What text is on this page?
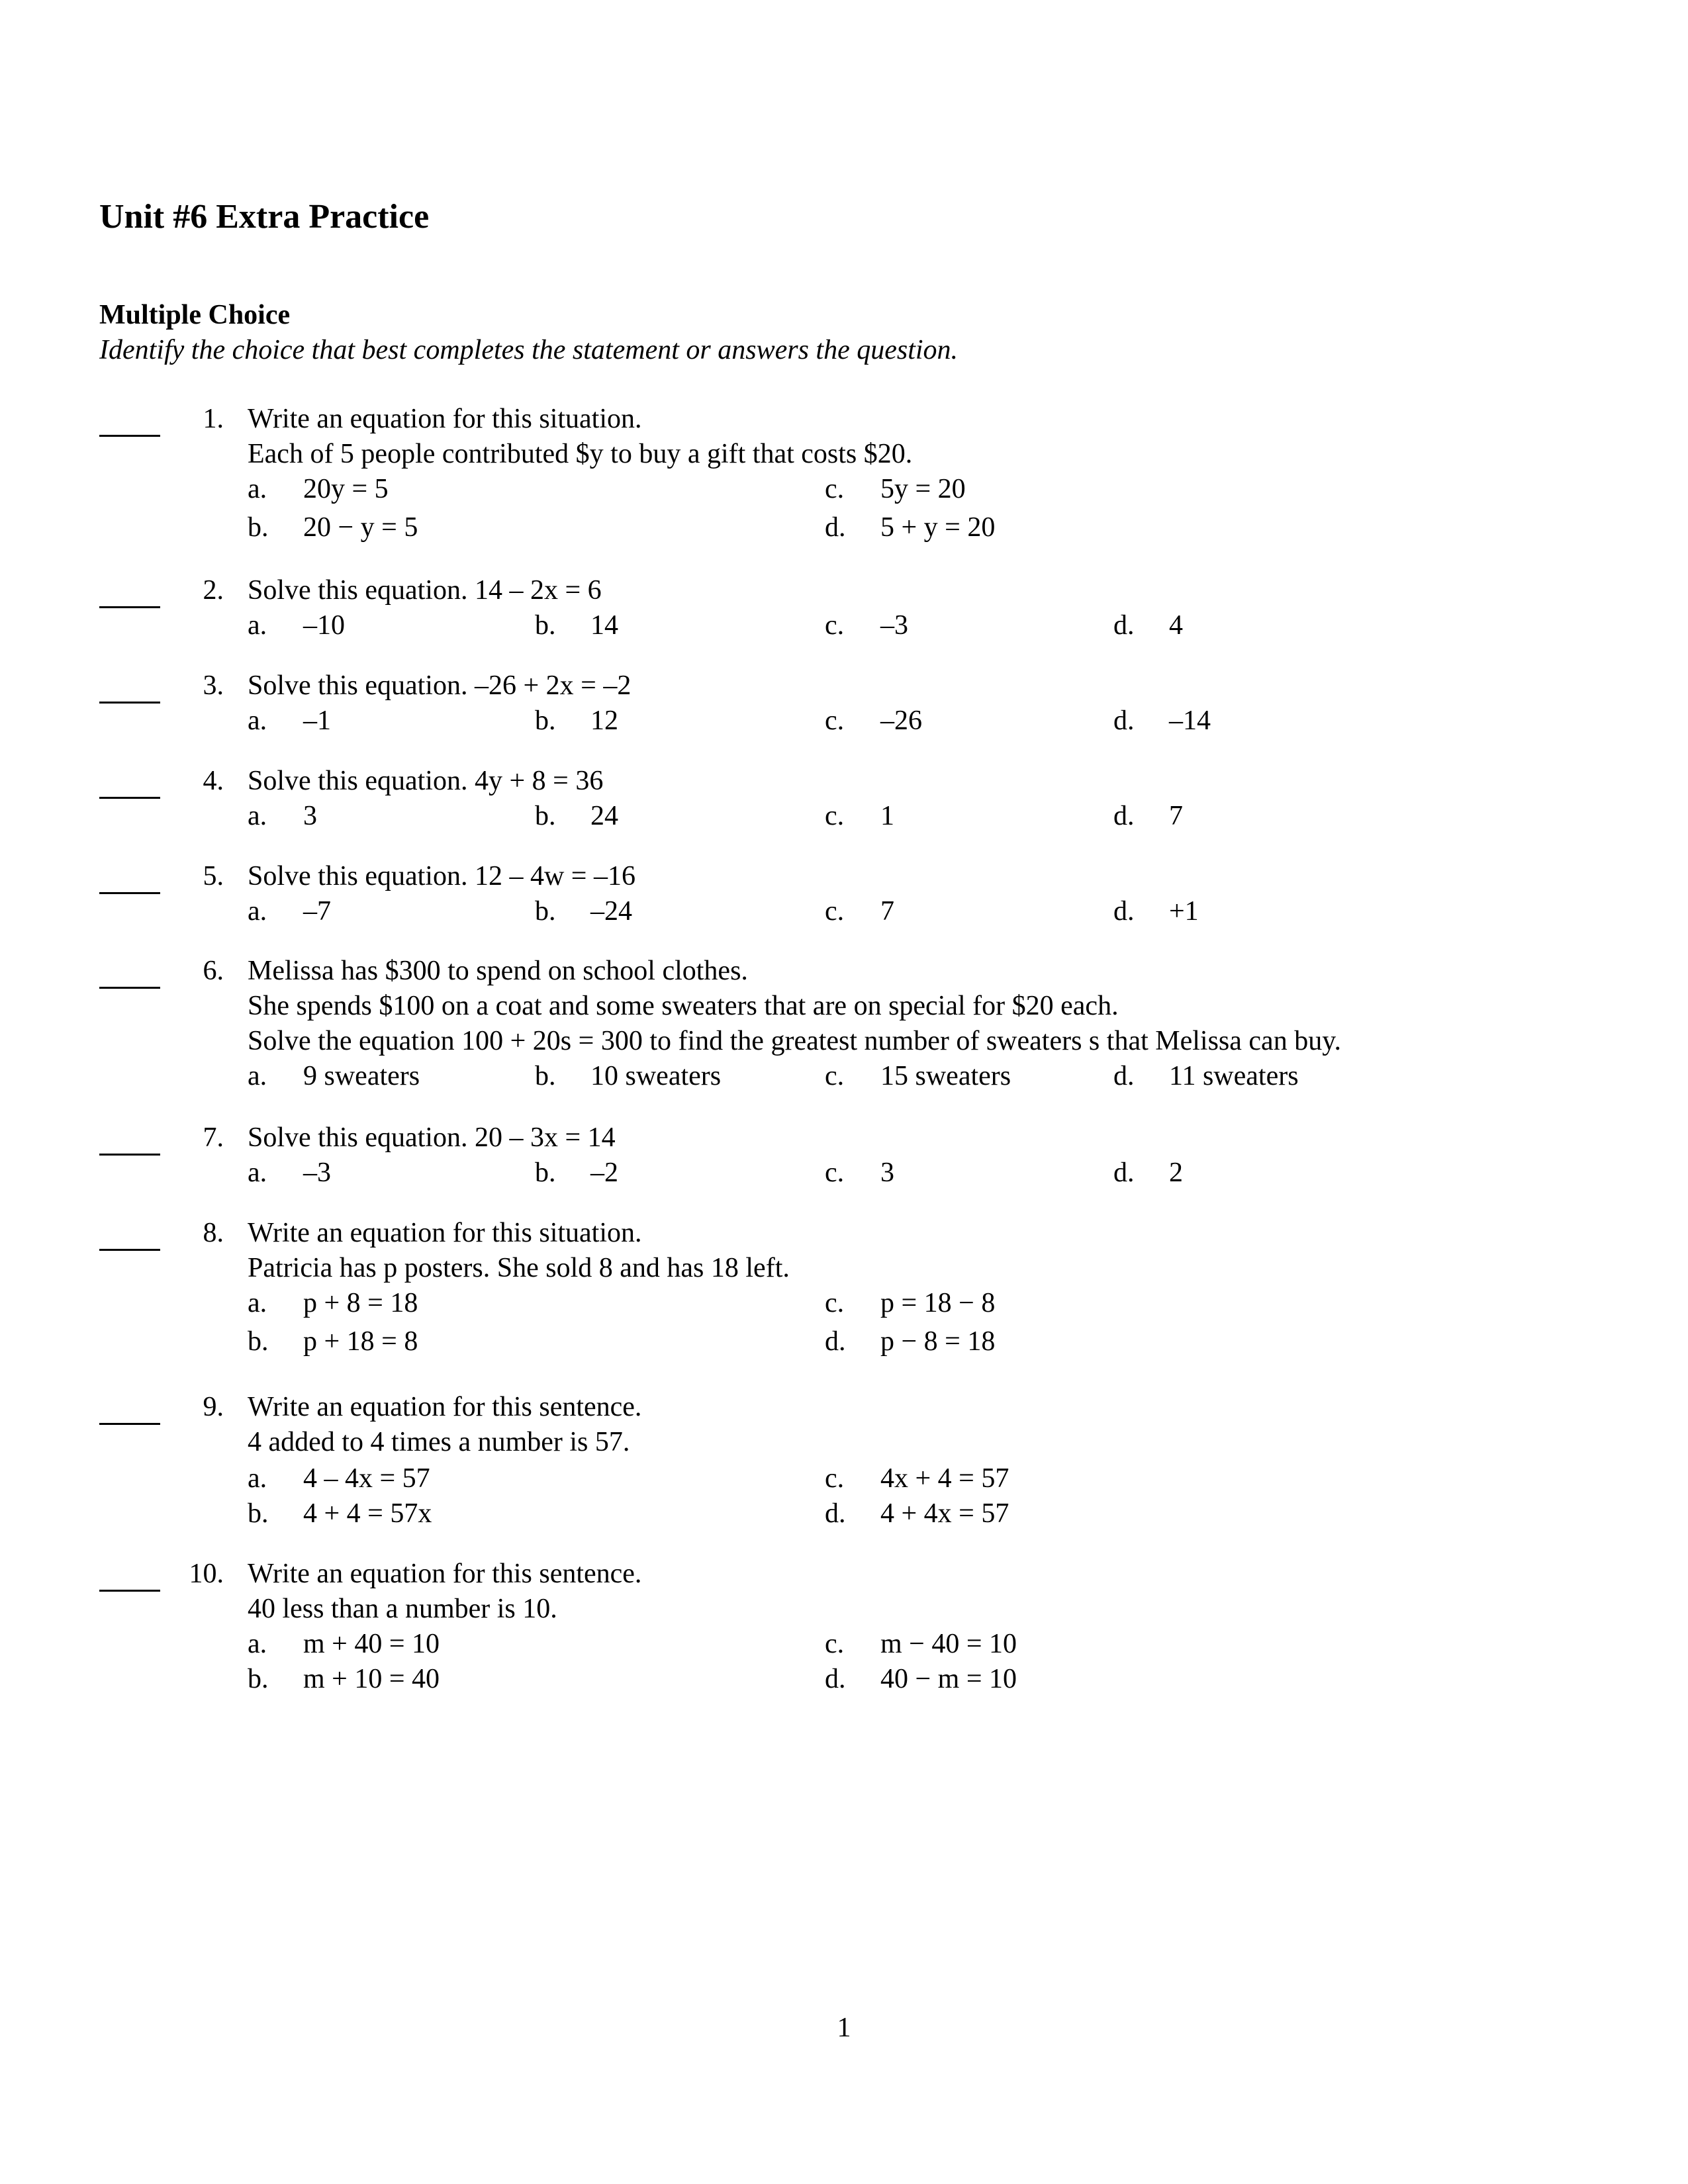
Unit #6 Extra Practice
Multiple Choice
Identify the choice that best completes the statement or answers the question.
1. Write an equation for this situation.
Each of 5 people contributed $y to buy a gift that costs $20.
a. 20y = 5
b. 20 − y = 5
c. 5y = 20
d. 5 + y = 20
2. Solve this equation. 14 – 2x = 6
a. –10	b. 14	c. –3	d. 4
3. Solve this equation. –26 + 2x = –2
a. –1	b. 12	c. –26	d. –14
4. Solve this equation. 4y + 8 = 36
a. 3	b. 24	c. 1	d. 7
5. Solve this equation. 12 – 4w = –16
a. –7	b. –24	c. 7	d. +1
6. Melissa has $300 to spend on school clothes.
She spends $100 on a coat and some sweaters that are on special for $20 each.
Solve the equation 100 + 20s = 300 to find the greatest number of sweaters s that Melissa can buy.
a. 9 sweaters	b. 10 sweaters	c. 15 sweaters	d. 11 sweaters
7. Solve this equation. 20 – 3x = 14
a. –3	b. –2	c. 3	d. 2
8. Write an equation for this situation.
Patricia has p posters. She sold 8 and has 18 left.
a. p + 8 = 18
b. p + 18 = 8
c. p = 18 − 8
d. p − 8 = 18
9. Write an equation for this sentence.
4 added to 4 times a number is 57.
a. 4 – 4x = 57
b. 4 + 4 = 57x
c. 4x + 4 = 57
d. 4 + 4x = 57
10. Write an equation for this sentence.
40 less than a number is 10.
a. m + 40 = 10
b. m + 10 = 40
c. m − 40 = 10
d. 40 − m = 10
1
